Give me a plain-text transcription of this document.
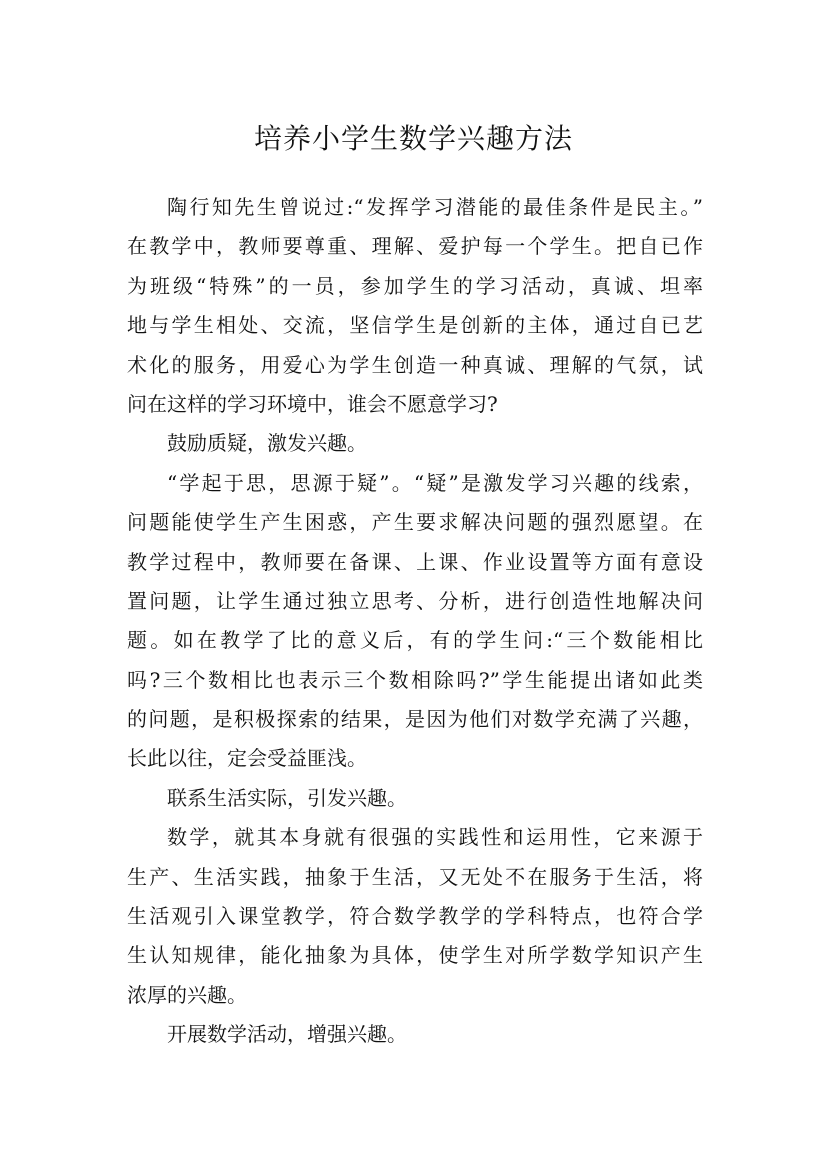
培养小学生数学兴趣方法
陶行知先生曾说过:“发挥学习潜能的最佳条件是民主。”
在教学中，教师要尊重、理解、爱护每一个学生。把自已作
为班级“特殊”的一员，参加学生的学习活动，真诚、坦率
地与学生相处、交流，坚信学生是创新的主体，通过自已艺
术化的服务，用爱心为学生创造一种真诚、理解的气氛，试
问在这样的学习环境中，谁会不愿意学习?
鼓励质疑，激发兴趣。
“学起于思，思源于疑”。“疑”是激发学习兴趣的线索，
问题能使学生产生困惑，产生要求解决问题的强烈愿望。在
教学过程中，教师要在备课、上课、作业设置等方面有意设
置问题，让学生通过独立思考、分析，进行创造性地解决问
题。如在教学了比的意义后，有的学生问:“三个数能相比
吗?三个数相比也表示三个数相除吗?”学生能提出诸如此类
的问题，是积极探索的结果，是因为他们对数学充满了兴趣，
长此以往，定会受益匪浅。
联系生活实际，引发兴趣。
数学，就其本身就有很强的实践性和运用性，它来源于
生产、生活实践，抽象于生活，又无处不在服务于生活，将
生活观引入课堂教学，符合数学教学的学科特点，也符合学
生认知规律，能化抽象为具体，使学生对所学数学知识产生
浓厚的兴趣。
开展数学活动，增强兴趣。
